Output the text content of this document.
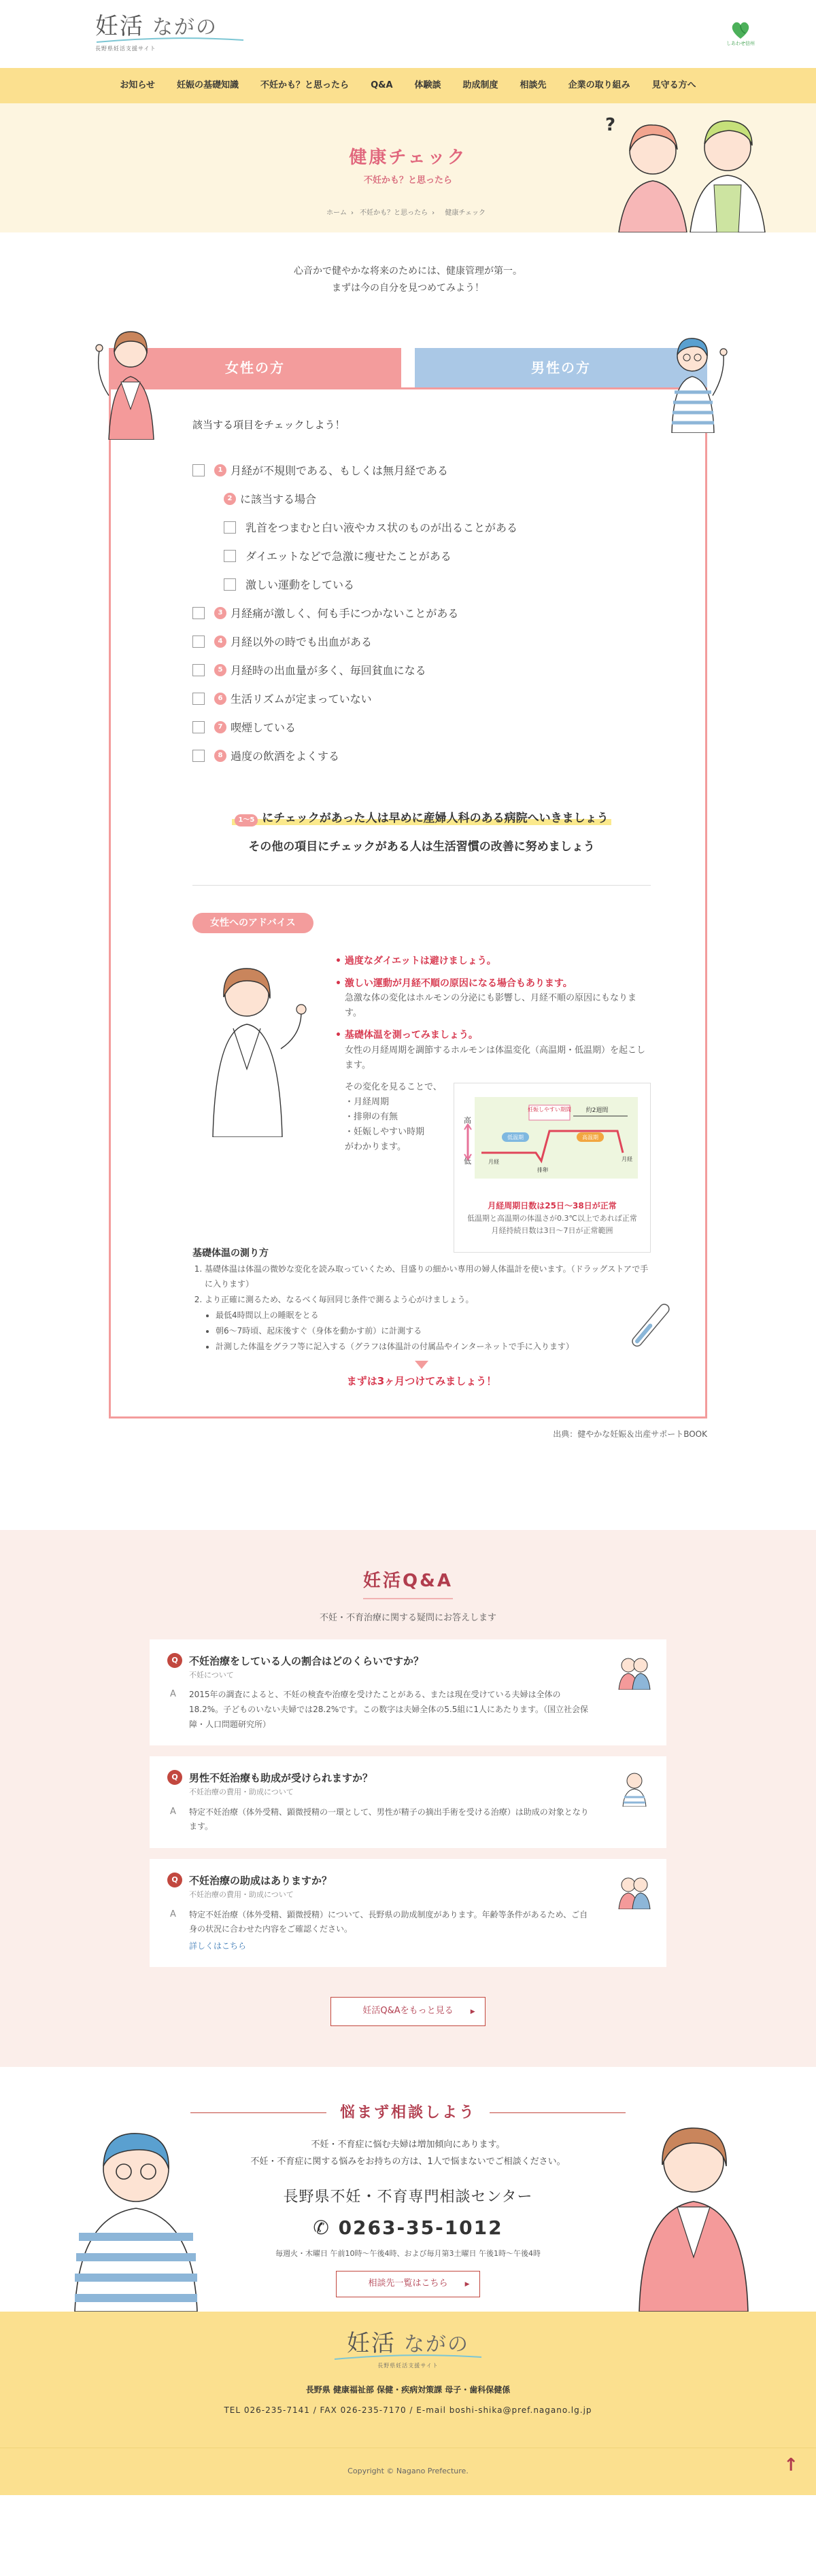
妊活 ながの
長野県妊活支援サイト
しあわせ信州
お知らせ	妊娠の基礎知識	不妊かも？と思ったら	Q&A	体験談	助成制度	相談先	企業の取り組み	見守る方へ
健康チェック
不妊かも？と思ったら
ホーム › 不妊かも？と思ったら › 健康チェック
?
心音かで健やかな将来のためには、健康管理が第一。
まずは今の自分を見つめてみよう！
女性の方	男性の方

該当する項目をチェックしよう！

1 月経が不規則である、もしくは無月経である
2 に該当する場合
乳首をつまむと白い液やカス状のものが出ることがある
ダイエットなどで急激に痩せたことがある
激しい運動をしている
3 月経痛が激しく、何も手につかないことがある
4 月経以外の時でも出血がある
5 月経時の出血量が多く、毎回貧血になる
6 生活リズムが定まっていない
7 喫煙している
8 過度の飲酒をよくする

1〜5 にチェックがあった人は早めに産婦人科のある病院へいきましょう

その他の項目にチェックがある人は生活習慣の改善に努めましょう

女性へのアドバイス
• 過度なダイエットは避けましょう。
• 激しい運動が月経不順の原因になる場合もあります。
急激な体の変化はホルモンの分泌にも影響し、月経不順の原因にもなります。
• 基礎体温を測ってみましょう。
女性の月経周期を調節するホルモンは体温変化（高温期・低温期）を起こします。
その変化を見ることで、
・月経周期
・排卵の有無
・妊娠しやすい時期
がわかります。
高
低
妊娠しやすい期間 約2週間
低温期	高温期
月経
排卵
月経
月経周期日数は25日〜38日が正常
低温期と高温期の体温さが0.3℃以上であれば正常
月経持続日数は3日〜7日が正常範囲
基礎体温の測り方
1. 基礎体温は体温の微妙な変化を読み取っていくため、目盛りの細かい専用の婦人体温計を使います。（ドラッグストアで手に入ります）
2. より正確に測るため、なるべく毎回同じ条件で測るよう心がけましょう。
• 最低4時間以上の睡眠をとる
• 朝6〜7時頃、起床後すぐ（身体を動かす前）に計測する
• 計測した体温をグラフ等に記入する（グラフは体温計の付属品やインターネットで手に入ります）
まずは3ヶ月つけてみましょう！

出典：健やかな妊娠＆出産サポートBOOK

妊活Q&A

不妊・不育治療に関する疑問にお答えします

Q	不妊治療をしている人の割合はどのくらいですか？
不妊について
A	2015年の調査によると、不妊の検査や治療を受けたことがある、または現在受けている夫婦は全体の18.2%。子どものいない夫婦では28.2%です。この数字は夫婦全体の5.5組に1人にあたります。（国立社会保障・人口問題研究所）
Q	男性不妊治療も助成が受けられますか？
不妊治療の費用・助成について
A	特定不妊治療（体外受精、顕微授精の一環として、男性が精子の摘出手術を受ける治療）は助成の対象となります。
Q	不妊治療の助成はありますか？
不妊治療の費用・助成について
A	特定不妊治療（体外受精、顕微授精）について、長野県の助成制度があります。年齢等条件があるため、ご自身の状況に合わせた内容をご確認ください。
詳しくはこちら
妊活Q&Aをもっと見る ▶
悩まず相談しよう
不妊・不育症に悩む夫婦は増加傾向にあります。
不妊・不育症に関する悩みをお持ちの方は、1人で悩まないでご相談ください。
長野県不妊・不育専門相談センター
✆ 0263-35-1012
毎週火・木曜日 午前10時〜午後4時、および毎月第3土曜日 午後1時〜午後4時
相談先一覧はこちら ▶
妊活 ながの
長野県妊活支援サイト
長野県 健康福祉部 保健・疾病対策課 母子・歯科保健係
TEL 026-235-7141 / FAX 026-235-7170 / E-mail boshi-shika@pref.nagano.lg.jp
Copyright © Nagano Prefecture.	↑
